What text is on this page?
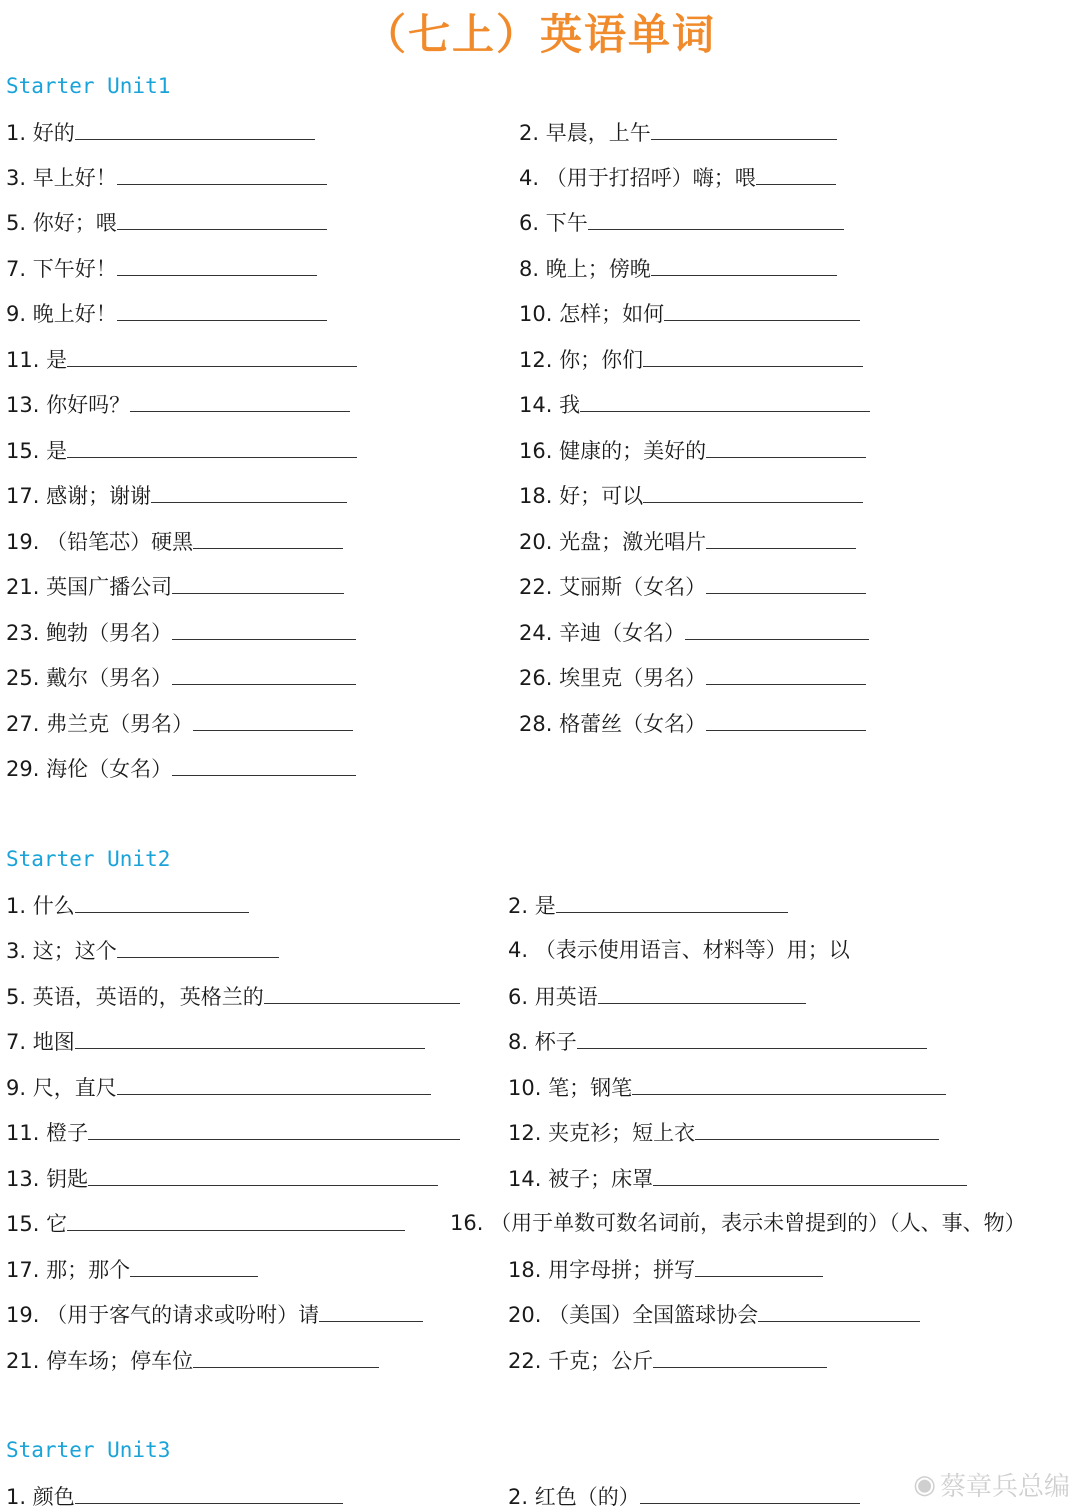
（七上）英语单词
Starter Unit1
1. 好的	2. 早晨，上午
3. 早上好！	4. （用于打招呼）嗨；喂
5. 你好；喂	6. 下午
7. 下午好！	8. 晚上；傍晚
9. 晚上好！	10. 怎样；如何
11. 是	12. 你；你们
13. 你好吗？	14. 我
15. 是	16. 健康的；美好的
17. 感谢；谢谢	18. 好；可以
19. （铅笔芯）硬黑	20. 光盘；激光唱片
21. 英国广播公司	22. 艾丽斯（女名）
23. 鲍勃（男名）	24. 辛迪（女名）
25. 戴尔（男名）	26. 埃里克（男名）
27. 弗兰克（男名）	28. 格蕾丝（女名）
29. 海伦（女名）
Starter Unit2
1. 什么	2. 是
3. 这；这个	4. （表示使用语言、材料等）用；以
5. 英语，英语的，英格兰的	6. 用英语
7. 地图	8. 杯子
9. 尺，直尺	10. 笔；钢笔
11. 橙子	12. 夹克衫；短上衣
13. 钥匙	14. 被子；床罩
15. 它	16. （用于单数可数名词前，表示未曾提到的）（人、事、物）
17. 那；那个	18. 用字母拼；拼写
19. （用于客气的请求或吩咐）请	20. （美国）全国篮球协会
21. 停车场；停车位	22. 千克；公斤
Starter Unit3
1. 颜色	2. 红色（的）	◉ 蔡章兵总编
